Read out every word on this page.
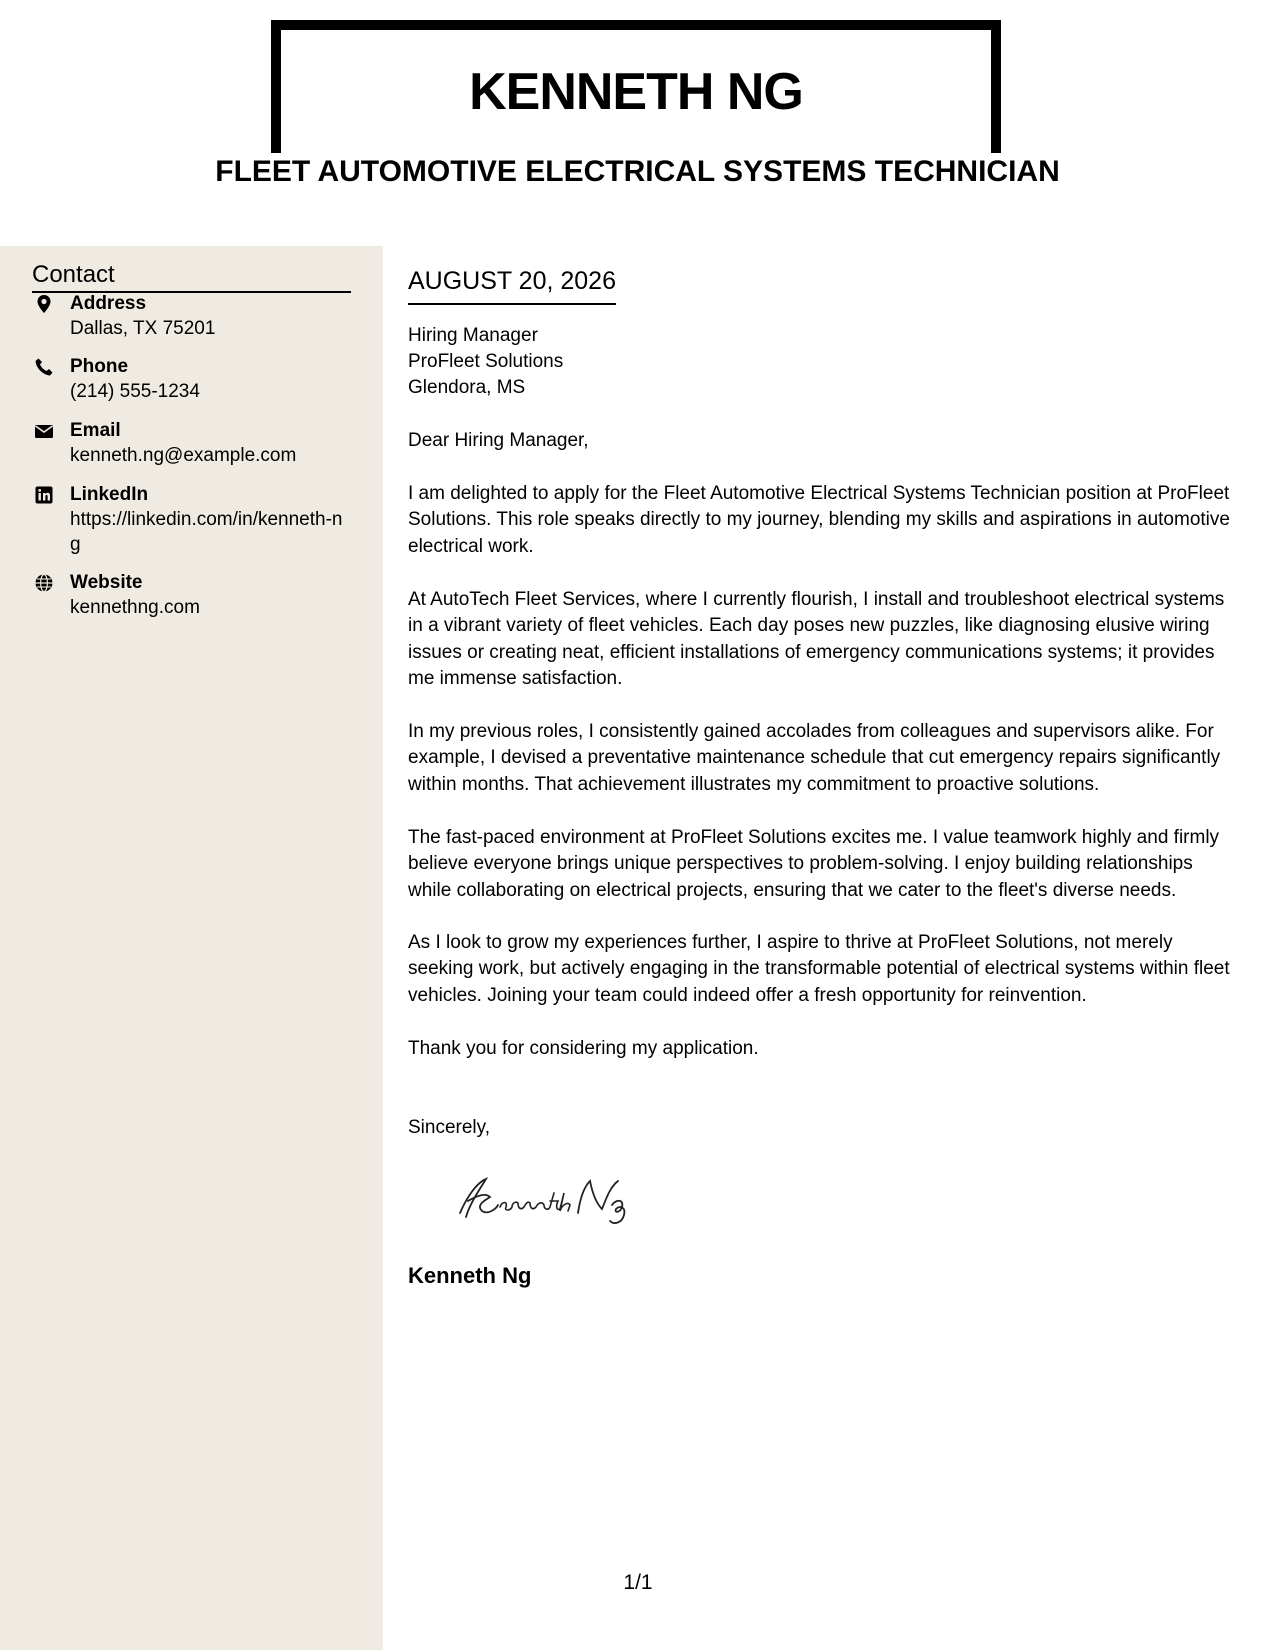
KENNETH NG
FLEET AUTOMOTIVE ELECTRICAL SYSTEMS TECHNICIAN
Contact
Address
Dallas, TX 75201
Phone
(214) 555-1234
Email
kenneth.ng@example.com
LinkedIn
https://linkedin.com/in/kenneth-ng
Website
kennethng.com
AUGUST 20, 2026
Hiring Manager
ProFleet Solutions
Glendora, MS

Dear Hiring Manager,

I am delighted to apply for the Fleet Automotive Electrical Systems Technician position at ProFleet Solutions. This role speaks directly to my journey, blending my skills and aspirations in automotive electrical work.

At AutoTech Fleet Services, where I currently flourish, I install and troubleshoot electrical systems in a vibrant variety of fleet vehicles. Each day poses new puzzles, like diagnosing elusive wiring issues or creating neat, efficient installations of emergency communications systems; it provides me immense satisfaction.

In my previous roles, I consistently gained accolades from colleagues and supervisors alike. For example, I devised a preventative maintenance schedule that cut emergency repairs significantly within months. That achievement illustrates my commitment to proactive solutions.

The fast-paced environment at ProFleet Solutions excites me. I value teamwork highly and firmly believe everyone brings unique perspectives to problem-solving. I enjoy building relationships while collaborating on electrical projects, ensuring that we cater to the fleet's diverse needs.

As I look to grow my experiences further, I aspire to thrive at ProFleet Solutions, not merely seeking work, but actively engaging in the transformable potential of electrical systems within fleet vehicles. Joining your team could indeed offer a fresh opportunity for reinvention.

Thank you for considering my application.

Sincerely,

Kenneth Ng
1/1
